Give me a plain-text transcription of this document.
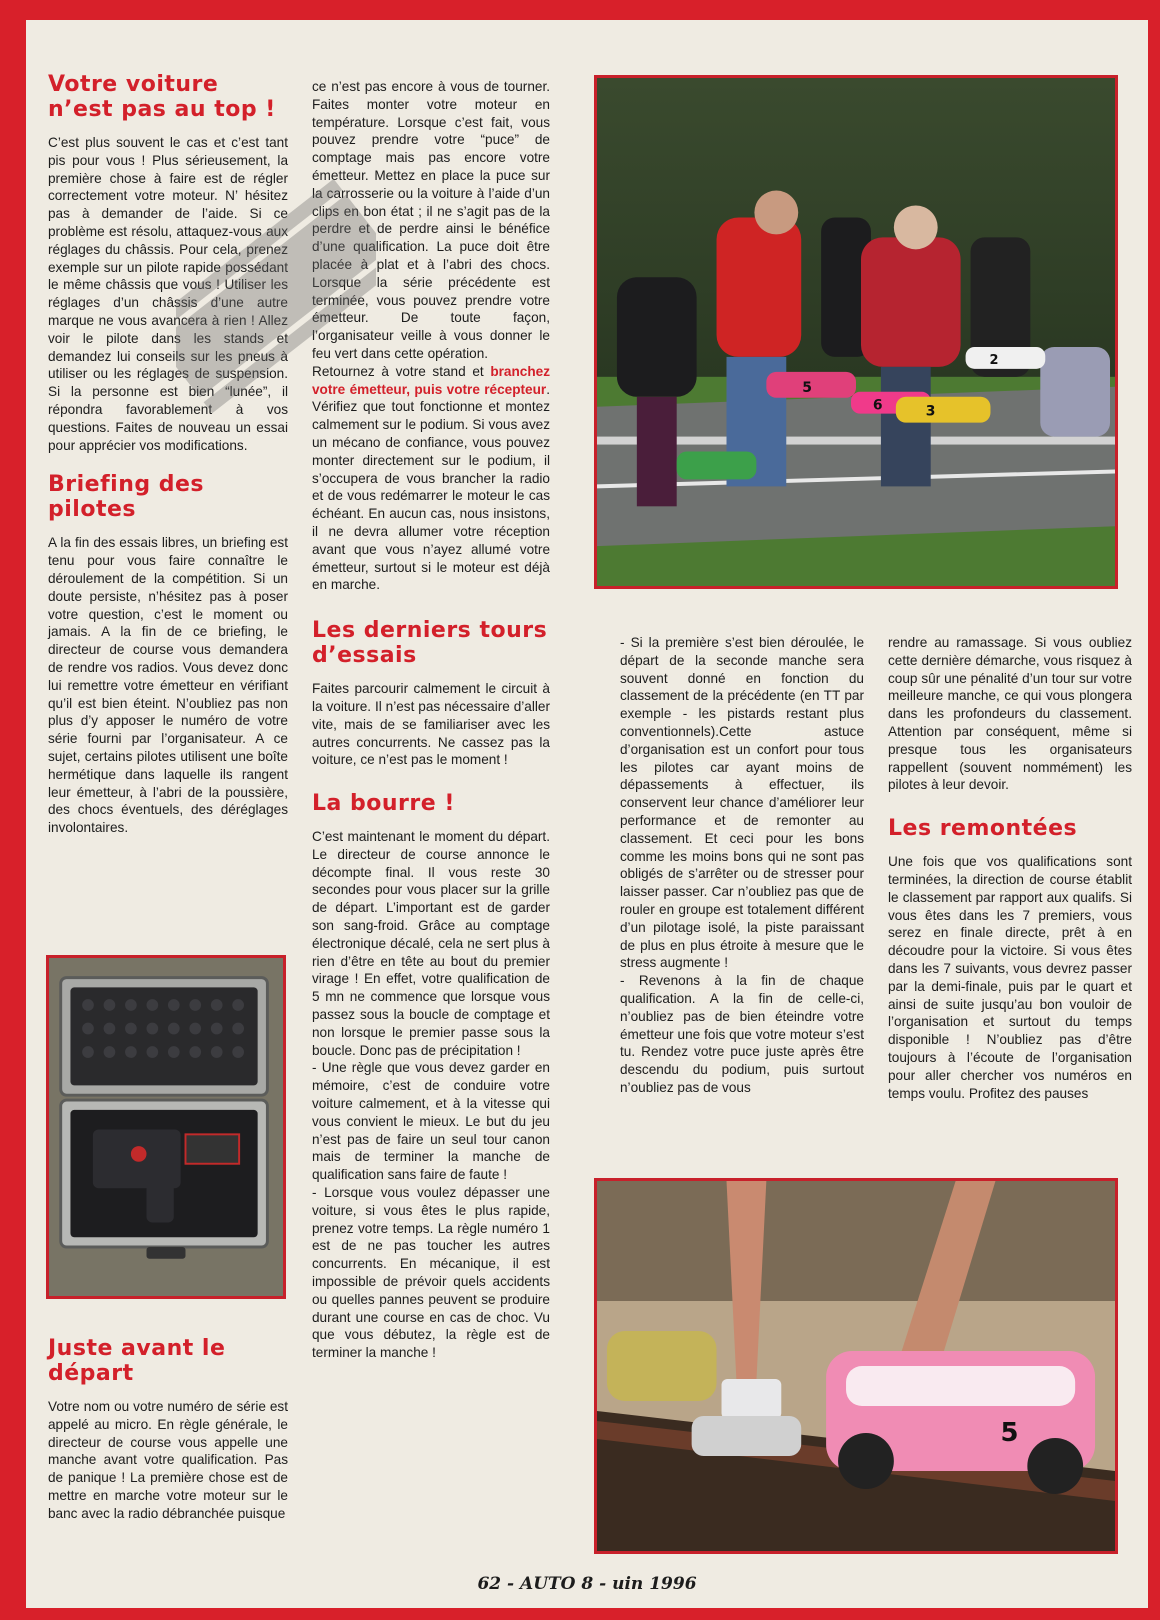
Votre voiture n’est pas au top !

C’est plus souvent le cas et c’est tant pis pour vous ! Plus sérieusement, la première chose à faire est de régler correctement votre moteur. N’ hésitez pas à demander de l’aide. Si ce problème est résolu, attaquez-vous aux réglages du châssis. Pour cela, prenez exemple sur un pilote rapide possédant le même châssis que vous ! Utiliser les réglages d’un châssis d’une autre marque ne vous avancera à rien ! Allez voir le pilote dans les stands et demandez lui conseils sur les pneus à utiliser ou les réglages de suspension. Si la personne est bien “lunée”, il répondra favorablement à vos questions. Faites de nouveau un essai pour apprécier vos modifications.

Briefing des pilotes

A la fin des essais libres, un briefing est tenu pour vous faire connaître le déroulement de la compétition. Si un doute persiste, n’hésitez pas à poser votre question, c’est le moment ou jamais. A la fin de ce briefing, le directeur de course vous demandera de rendre vos radios. Vous devez donc lui remettre votre émetteur en vérifiant qu’il est bien éteint. N’oubliez pas non plus d’y apposer le numéro de votre série fourni par l’organisateur. A ce sujet, certains pilotes utilisent une boîte hermétique dans laquelle ils rangent leur émetteur, à l’abri de la poussière, des chocs éventuels, des déréglages involontaires.

Juste avant le départ

Votre nom ou votre numéro de série est appelé au micro. En règle générale, le directeur de course vous appelle une manche avant votre qualification. Pas de panique ! La première chose est de mettre en marche votre moteur sur le banc avec la radio débranchée puisque

ce n’est pas encore à vous de tourner. Faites monter votre moteur en température. Lorsque c’est fait, vous pouvez prendre votre “puce” de comptage mais pas encore votre émetteur. Mettez en place la puce sur la carrosserie ou la voiture à l’aide d’un clips en bon état ; il ne s’agit pas de la perdre et de perdre ainsi le bénéfice d’une qualification. La puce doit être placée à plat et à l’abri des chocs. Lorsque la série précédente est terminée, vous pouvez prendre votre émetteur. De toute façon, l’organisateur veille à vous donner le feu vert dans cette opération.

Retournez à votre stand et branchez votre émetteur, puis votre récepteur. Vérifiez que tout fonctionne et montez calmement sur le podium. Si vous avez un mécano de confiance, vous pouvez monter directement sur le podium, il s’occupera de vous brancher la radio et de vous redémarrer le moteur le cas échéant. En aucun cas, nous insistons, il ne devra allumer votre réception avant que vous n’ayez allumé votre émetteur, surtout si le moteur est déjà en marche.

Les derniers tours d’essais

Faites parcourir calmement le circuit à la voiture. Il n’est pas nécessaire d’aller vite, mais de se familiariser avec les autres concurrents. Ne cassez pas la voiture, ce n’est pas le moment !

La bourre !

C’est maintenant le moment du départ. Le directeur de course annonce le décompte final. Il vous reste 30 secondes pour vous placer sur la grille de départ. L’important est de garder son sang-froid. Grâce au comptage électronique décalé, cela ne sert plus à rien d’être en tête au bout du premier virage ! En effet, votre qualification de 5 mn ne commence que lorsque vous passez sous la boucle de comptage et non lorsque le premier passe sous la boucle. Donc pas de précipitation !

- Une règle que vous devez garder en mémoire, c’est de conduire votre voiture calmement, et à la vitesse qui vous convient le mieux. Le but du jeu n’est pas de faire un seul tour canon mais de terminer la manche de qualification sans faire de faute !

- Lorsque vous voulez dépasser une voiture, si vous êtes le plus rapide, prenez votre temps. La règle numéro 1 est de ne pas toucher les autres concurrents. En mécanique, il est impossible de prévoir quels accidents ou quelles pannes peuvent se produire durant une course en cas de choc. Vu que vous débutez, la règle est de terminer la manche !

5
6	3
2

- Si la première s’est bien déroulée, le départ de la seconde manche sera souvent donné en fonction du classement de la précédente (en TT par exemple - les pistards restant plus conventionnels).Cette astuce d’organisation est un confort pour tous les pilotes car ayant moins de dépassements à effectuer, ils conservent leur chance d’améliorer leur performance et de remonter au classement. Et ceci pour les bons comme les moins bons qui ne sont pas obligés de s’arrêter ou de stresser pour laisser passer. Car n’oubliez pas que de rouler en groupe est totalement différent d’un pilotage isolé, la piste paraissant de plus en plus étroite à mesure que le stress augmente !

- Revenons à la fin de chaque qualification. A la fin de celle-ci, n’oubliez pas de bien éteindre votre émetteur une fois que votre moteur s’est tu. Rendez votre puce juste après être descendu du podium, puis surtout n’oubliez pas de vous

rendre au ramassage. Si vous oubliez cette dernière démarche, vous risquez à coup sûr une pénalité d’un tour sur votre meilleure manche, ce qui vous plongera dans les profondeurs du classement. Attention par conséquent, même si presque tous les organisateurs rappellent (souvent nommément) les pilotes à leur devoir.

Les remontées

Une fois que vos qualifications sont terminées, la direction de course établit le classement par rapport aux qualifs. Si vous êtes dans les 7 premiers, vous serez en finale directe, prêt à en découdre pour la victoire. Si vous êtes dans les 7 suivants, vous devrez passer par la demi-finale, puis par le quart et ainsi de suite jusqu’au bon vouloir de l’organisation et surtout du temps disponible ! N’oubliez pas d’être toujours à l’écoute de l’organisation pour aller chercher vos numéros en temps voulu. Profitez des pauses

5
62 - AUTO 8 - uin 1996
